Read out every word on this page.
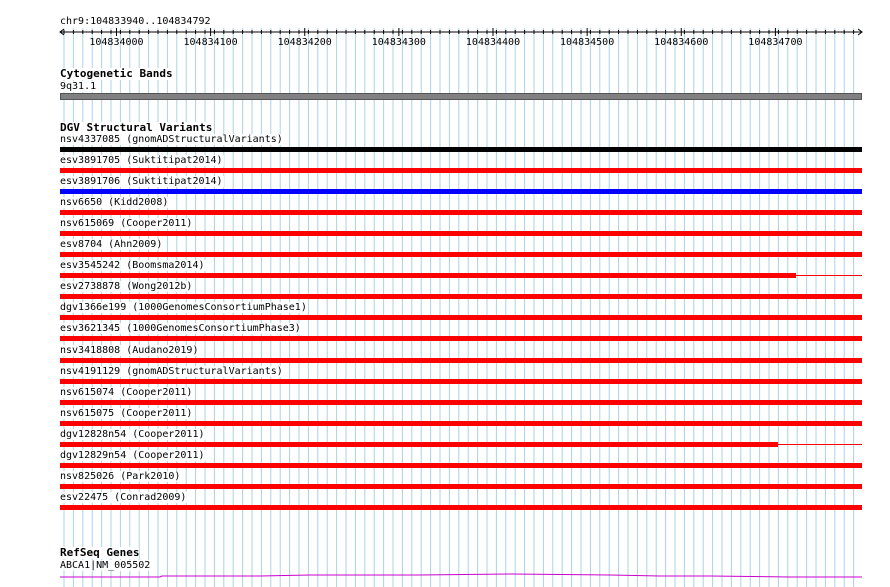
chr9:104833940..104834792
104834000	104834100	104834200	104834300	104834400	104834500	104834600	104834700
Cytogenetic Bands
9q31.1
DGV Structural Variants
nsv4337085 (gnomADStructuralVariants)
esv3891705 (Suktitipat2014)
esv3891706 (Suktitipat2014)
nsv6650 (Kidd2008)
nsv615069 (Cooper2011)
esv8704 (Ahn2009)
esv3545242 (Boomsma2014)
esv2738878 (Wong2012b)
dgv1366e199 (1000GenomesConsortiumPhase1)
esv3621345 (1000GenomesConsortiumPhase3)
nsv3418808 (Audano2019)
nsv4191129 (gnomADStructuralVariants)
nsv615074 (Cooper2011)
nsv615075 (Cooper2011)
dgv12828n54 (Cooper2011)
dgv12829n54 (Cooper2011)
nsv825026 (Park2010)
esv22475 (Conrad2009)
RefSeq Genes
ABCA1|NM_005502
